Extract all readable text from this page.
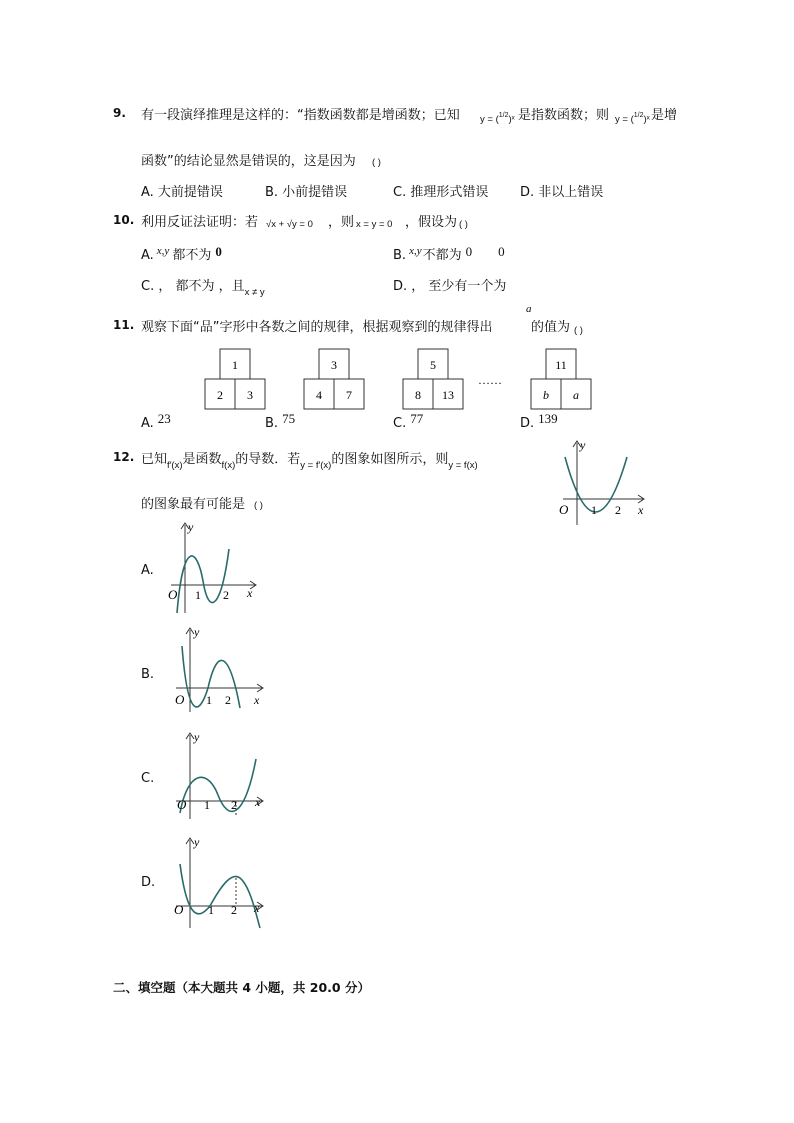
9. 有一段演绎推理是这样的：“指数函数都是增函数；已知 y = ($^{1/2}$)ˣ 是指数函数；则 y = ($^{1/2}$)ˣ 是增
函数”的结论显然是错误的，这是因为 ( )
A. 大前提错误	B. 小前提错误	C. 推理形式错误 D. 非以上错误
10. 利用反证法证明：若 √x + √y = 0 ，则 x = y = 0 ，假设为 ( )
A. $^{x,y}$ 都不为 0	B. $^{x,y}$不都为 0 0
C. ， 都不为 ，且$_{x \ne y}$	D. ， 至少有一个为
11. 观察下面“品”字形中各数之间的规律，根据观察到的规律得出
a
的值为 ( )
1
2 3
3
4 7
5
8 13
……
11
b a
A. 23	B. 75	C. 77	D. 139
12. 已知$_{f'(x)}$是函数$_{f(x)}$的导数．若$_{y = f'(x)}$的图象如图所示，则$_{y = f(x)}$
的图象最有可能是 ( )
y
O 1 2 x
A.
y
O 1 2 x
B.
y
O 1 2 x
C.
y
O 1 2 x
D.
y
O 1 2 x
二、填空题（本大题共 4 小题，共 20.0 分）
